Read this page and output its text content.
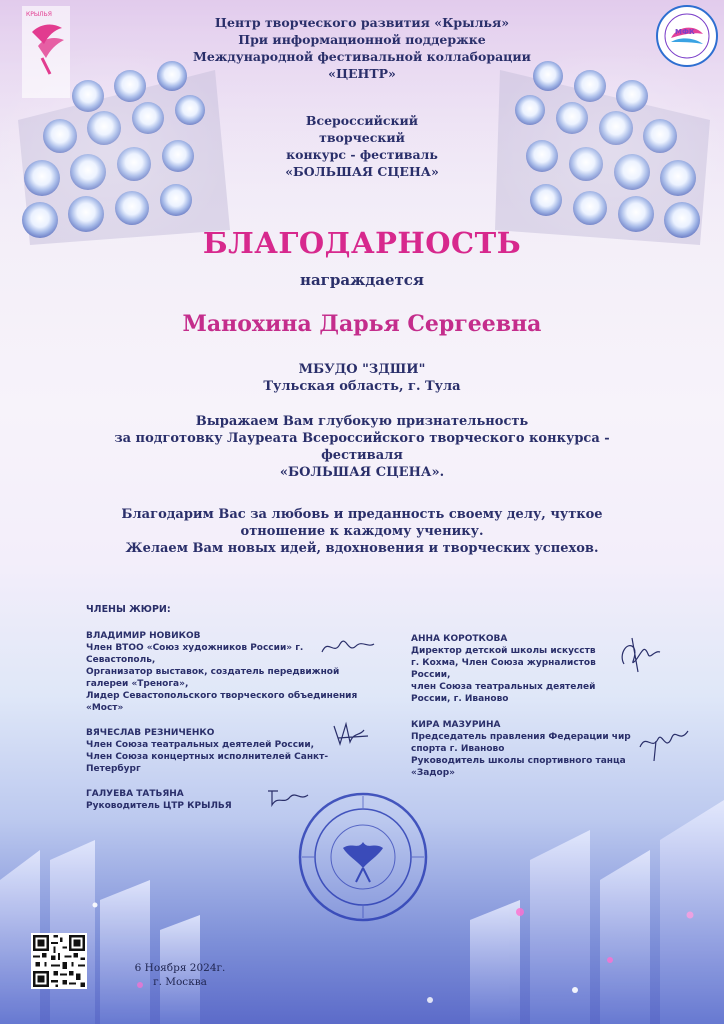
КРЫЛЬЯ
МФК
Центр творческого развития «Крылья»
При информационной поддержке
Международной фестивальной коллаборации
«ЦЕНТР»
Всероссийский
творческий
конкурс - фестиваль
«БОЛЬШАЯ СЦЕНА»
БЛАГОДАРНОСТЬ
награждается
Манохина Дарья Сергеевна
МБУДО "ЗДШИ"
Тульская область, г. Тула
Выражаем Вам глубокую признательность
за подготовку Лауреата Всероссийского творческого конкурса -
фестиваля
«БОЛЬШАЯ СЦЕНА».
Благодарим Вас за любовь и преданность своему делу, чуткое
отношение к каждому ученику.
Желаем Вам новых идей, вдохновения и творческих успехов.
ЧЛЕНЫ ЖЮРИ:
ВЛАДИМИР НОВИКОВ
Член ВТОО «Союз художников России» г.
Севастополь,
Организатор выставок, создатель передвижной
галереи «Тренога»,
Лидер Севастопольского творческого объединения
«Мост»
ВЯЧЕСЛАВ РЕЗНИЧЕНКО
Член Союза театральных деятелей России,
Член Союза концертных исполнителей Санкт-
Петербург
ГАЛУЕВА ТАТЬЯНА
Руководитель ЦТР КРЫЛЬЯ
АННА КОРОТКОВА
Директор детской школы искусств
г. Кохма, Член Союза журналистов
России,
член Союза театральных деятелей
России, г. Иваново
КИРА МАЗУРИНА
Председатель правления Федерации чир
спорта г. Иваново
Руководитель школы спортивного танца
«Задор»
6 Ноября 2024г.
г. Москва
